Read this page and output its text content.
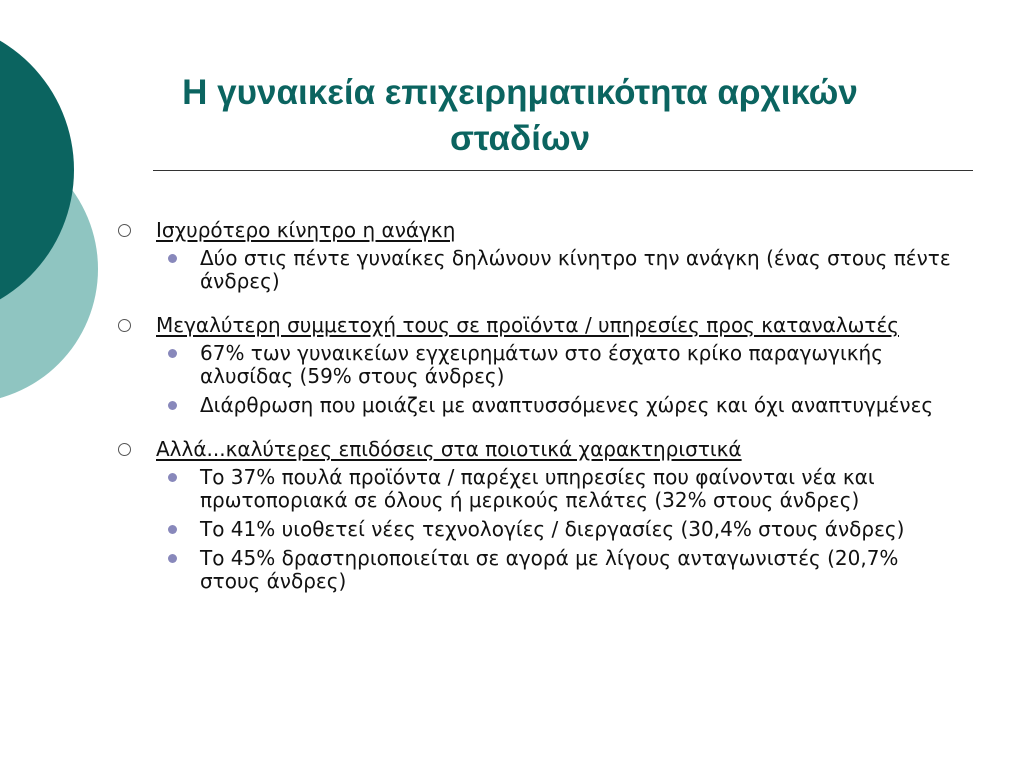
Η γυναικεία επιχειρηματικότητα αρχικών σταδίων
Ισχυρότερο κίνητρο η ανάγκη
Δύο στις πέντε γυναίκες δηλώνουν κίνητρο την ανάγκη (ένας στους πέντε άνδρες)
Μεγαλύτερη συμμετοχή τους σε προϊόντα / υπηρεσίες προς καταναλωτές
67% των γυναικείων εγχειρημάτων στο έσχατο κρίκο παραγωγικής αλυσίδας (59% στους άνδρες)
Διάρθρωση που μοιάζει με αναπτυσσόμενες χώρες και όχι αναπτυγμένες
Αλλά...καλύτερες επιδόσεις στα ποιοτικά χαρακτηριστικά
Το 37% πουλά προϊόντα / παρέχει υπηρεσίες που φαίνονται νέα και πρωτοποριακά σε όλους ή μερικούς πελάτες (32% στους άνδρες)
Το 41% υιοθετεί νέες τεχνολογίες / διεργασίες (30,4% στους άνδρες)
Το 45% δραστηριοποιείται σε αγορά με λίγους ανταγωνιστές (20,7% στους άνδρες)
